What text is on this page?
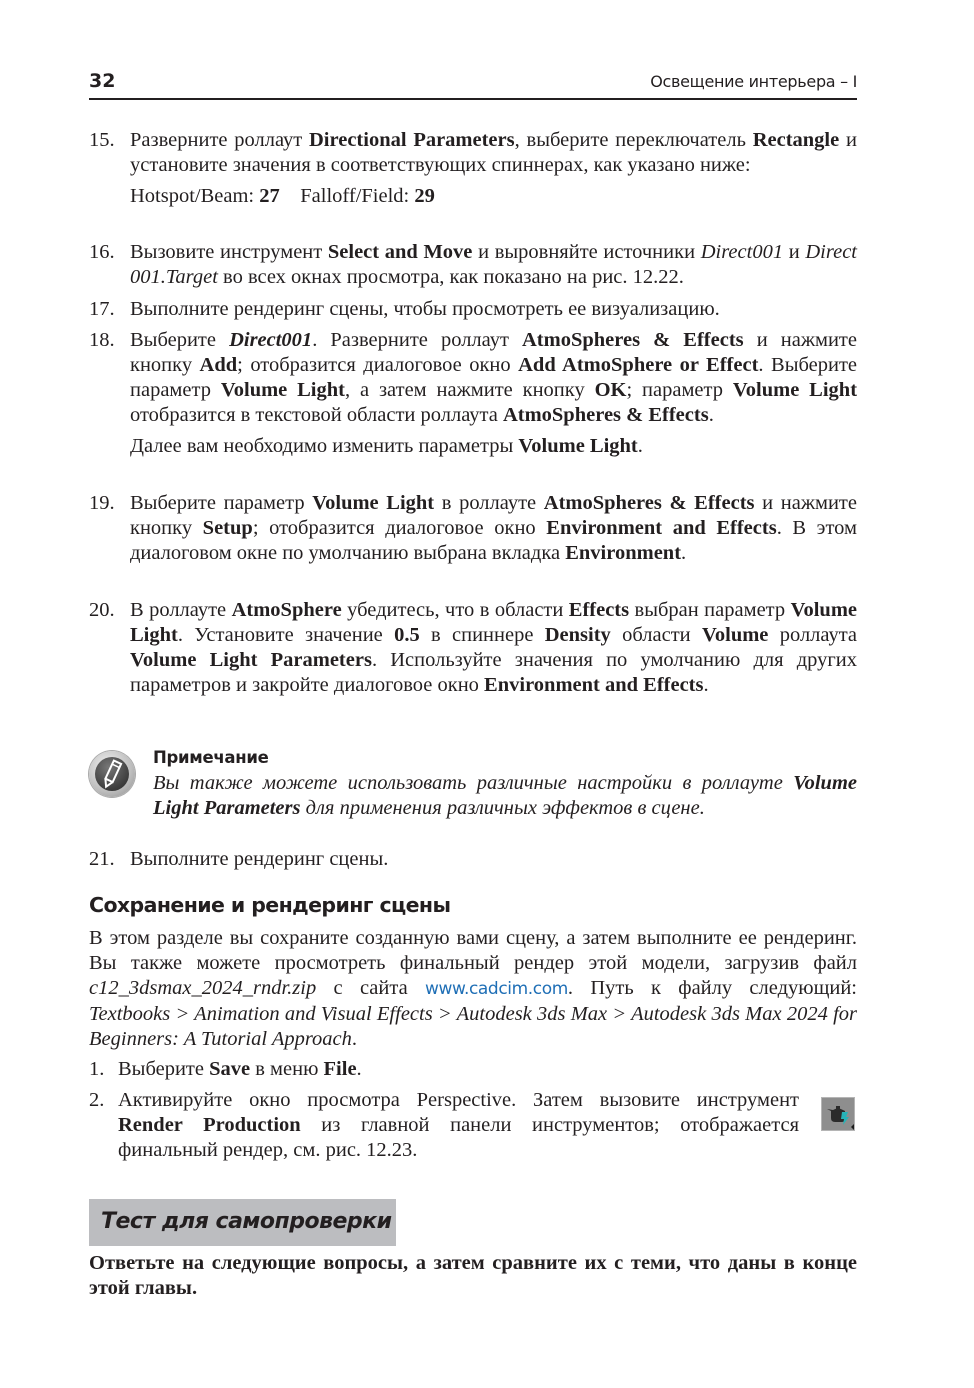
32	Освещение интерьера – I
15. Разверните роллаут Directional Parameters, выберите переключатель Rectangle и установите значения в соответствующих спиннерах, как указано ниже:
Hotspot/Beam: 27 Falloff/Field: 29
16. Вызовите инструмент Select and Move и выровняйте источники Direct001 и Direct 001.Target во всех окнах просмотра, как показано на рис. 12.22.
17. Выполните рендеринг сцены, чтобы просмотреть ее визуализацию.
18. Выберите Direct001. Разверните роллаут AtmoSpheres & Effects и нажмите кнопку Add; отобразится диалоговое окно Add AtmoSphere or Effect. Выберите параметр Volume Light, а затем нажмите кнопку OK; параметр Volume Light отобразится в текстовой области роллаута AtmoSpheres & Effects.
Далее вам необходимо изменить параметры Volume Light.
19. Выберите параметр Volume Light в роллауте AtmoSpheres & Effects и нажмите кнопку Setup; отобразится диалоговое окно Environment and Effects. В этом диалоговом окне по умолчанию выбрана вкладка Environment.
20. В роллауте AtmoSphere убедитесь, что в области Effects выбран параметр Volume Light. Установите значение 0.5 в спиннере Density области Volume роллаута Volume Light Parameters. Используйте значения по умолчанию для других параметров и закройте диалоговое окно Environment and Effects.
Примечание
Вы также можете использовать различные настройки в роллауте Volume Light Parameters для применения различных эффектов в сцене.
21. Выполните рендеринг сцены.
Сохранение и рендеринг сцены
В этом разделе вы сохраните созданную вами сцену, а затем выполните ее рендеринг. Вы также можете просмотреть финальный рендер этой модели, загрузив файл c12_3dsmax_2024_rndr.zip с сайта www.cadcim.com. Путь к файлу следующий: Textbooks > Animation and Visual Effects > Autodesk 3ds Max > Autodesk 3ds Max 2024 for Beginners: A Tutorial Approach.
1. Выберите Save в меню File.
2. Активируйте окно просмотра Perspective. Затем вызовите инструмент Render Production из главной панели инструментов; отображается финальный рендер, см. рис. 12.23.
Тест для самопроверки
Ответьте на следующие вопросы, а затем сравните их с теми, что даны в конце этой главы.
